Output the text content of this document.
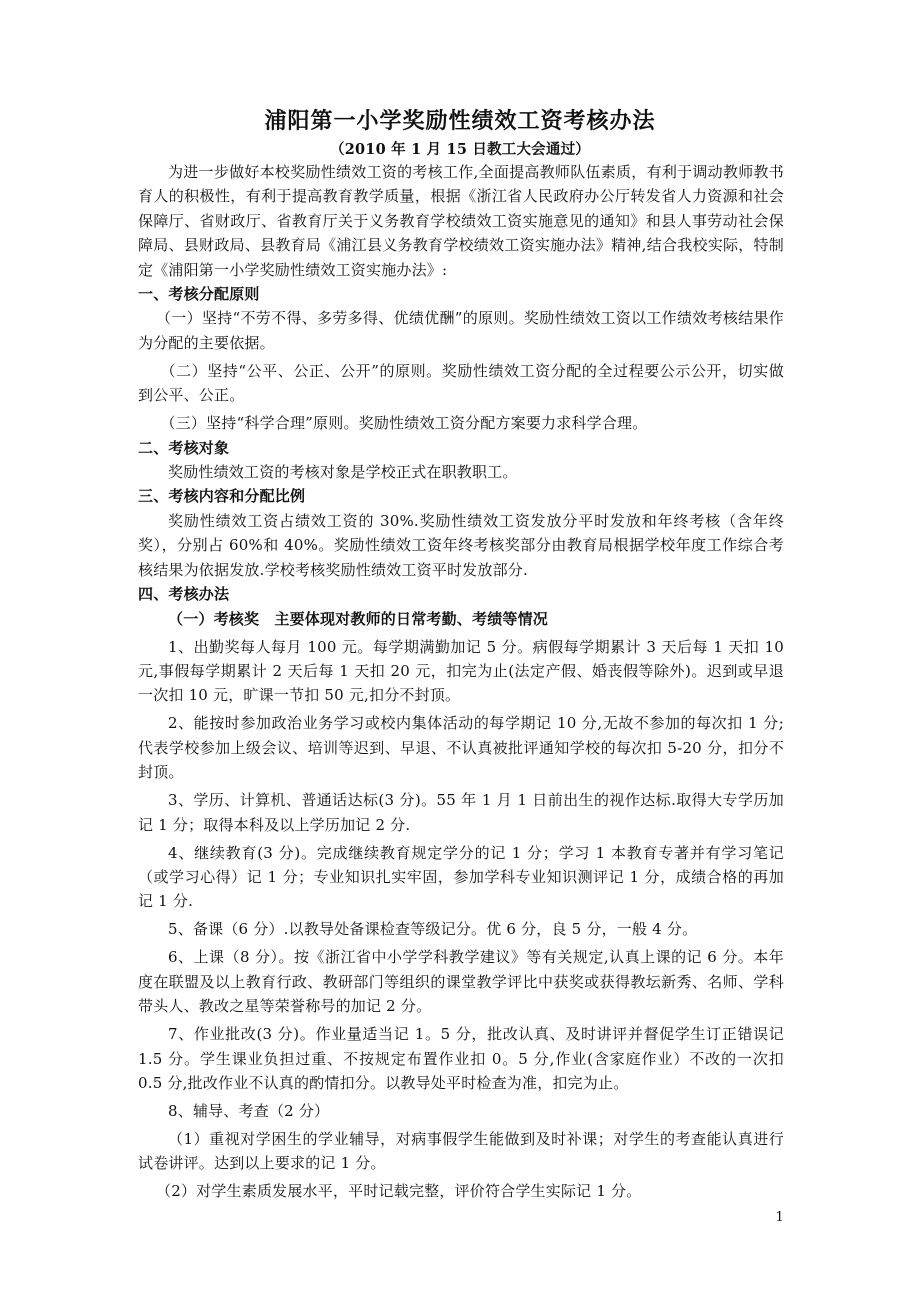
浦阳第一小学奖励性绩效工资考核办法
（2010 年 1 月 15 日教工大会通过）

为进一步做好本校奖励性绩效工资的考核工作,全面提高教师队伍素质，有利于调动教师教书育人的积极性，有利于提高教育教学质量，根据《浙江省人民政府办公厅转发省人力资源和社会保障厅、省财政厅、省教育厅关于义务教育学校绩效工资实施意见的通知》和县人事劳动社会保障局、县财政局、县教育局《浦江县义务教育学校绩效工资实施办法》精神,结合我校实际，特制定《浦阳第一小学奖励性绩效工资实施办法》:

一、考核分配原则

（一）坚持“不劳不得、多劳多得、优绩优酬”的原则。奖励性绩效工资以工作绩效考核结果作为分配的主要依据。

（二）坚持“公平、公正、公开”的原则。奖励性绩效工资分配的全过程要公示公开，切实做到公平、公正。

（三）坚持“科学合理”原则。奖励性绩效工资分配方案要力求科学合理。

二、考核对象

奖励性绩效工资的考核对象是学校正式在职教职工。

三、考核内容和分配比例

奖励性绩效工资占绩效工资的 30%.奖励性绩效工资发放分平时发放和年终考核（含年终奖），分别占 60%和 40%。奖励性绩效工资年终考核奖部分由教育局根据学校年度工作综合考核结果为依据发放.学校考核奖励性绩效工资平时发放部分.

四、考核办法

（一）考核奖　主要体现对教师的日常考勤、考绩等情况

1、出勤奖每人每月 100 元。每学期满勤加记 5 分。病假每学期累计 3 天后每 1 天扣 10 元,事假每学期累计 2 天后每 1 天扣 20 元，扣完为止(法定产假、婚丧假等除外)。迟到或早退一次扣 10 元，旷课一节扣 50 元,扣分不封顶。

2、能按时参加政治业务学习或校内集体活动的每学期记 10 分,无故不参加的每次扣 1 分;代表学校参加上级会议、培训等迟到、早退、不认真被批评通知学校的每次扣 5-20 分，扣分不封顶。

3、学历、计算机、普通话达标(3 分)。55 年 1 月 1 日前出生的视作达标.取得大专学历加记 1 分；取得本科及以上学历加记 2 分.

4、继续教育(3 分)。完成继续教育规定学分的记 1 分；学习 1 本教育专著并有学习笔记（或学习心得）记 1 分；专业知识扎实牢固，参加学科专业知识测评记 1 分，成绩合格的再加记 1 分.

5、备课（6 分）.以教导处备课检查等级记分。优 6 分，良 5 分，一般 4 分。

6、上课（8 分）。按《浙江省中小学学科教学建议》等有关规定,认真上课的记 6 分。本年度在联盟及以上教育行政、教研部门等组织的课堂教学评比中获奖或获得教坛新秀、名师、学科带头人、教改之星等荣誉称号的加记 2 分。

7、作业批改(3 分)。作业量适当记 1。5 分，批改认真、及时讲评并督促学生订正错误记 1.5 分。学生课业负担过重、不按规定布置作业扣 0。5 分,作业(含家庭作业）不改的一次扣 0.5 分,批改作业不认真的酌情扣分。以教导处平时检查为准，扣完为止。

8、辅导、考查（2 分）

（1）重视对学困生的学业辅导，对病事假学生能做到及时补课；对学生的考查能认真进行试卷讲评。达到以上要求的记 1 分。

（2）对学生素质发展水平，平时记载完整，评价符合学生实际记 1 分。

1
